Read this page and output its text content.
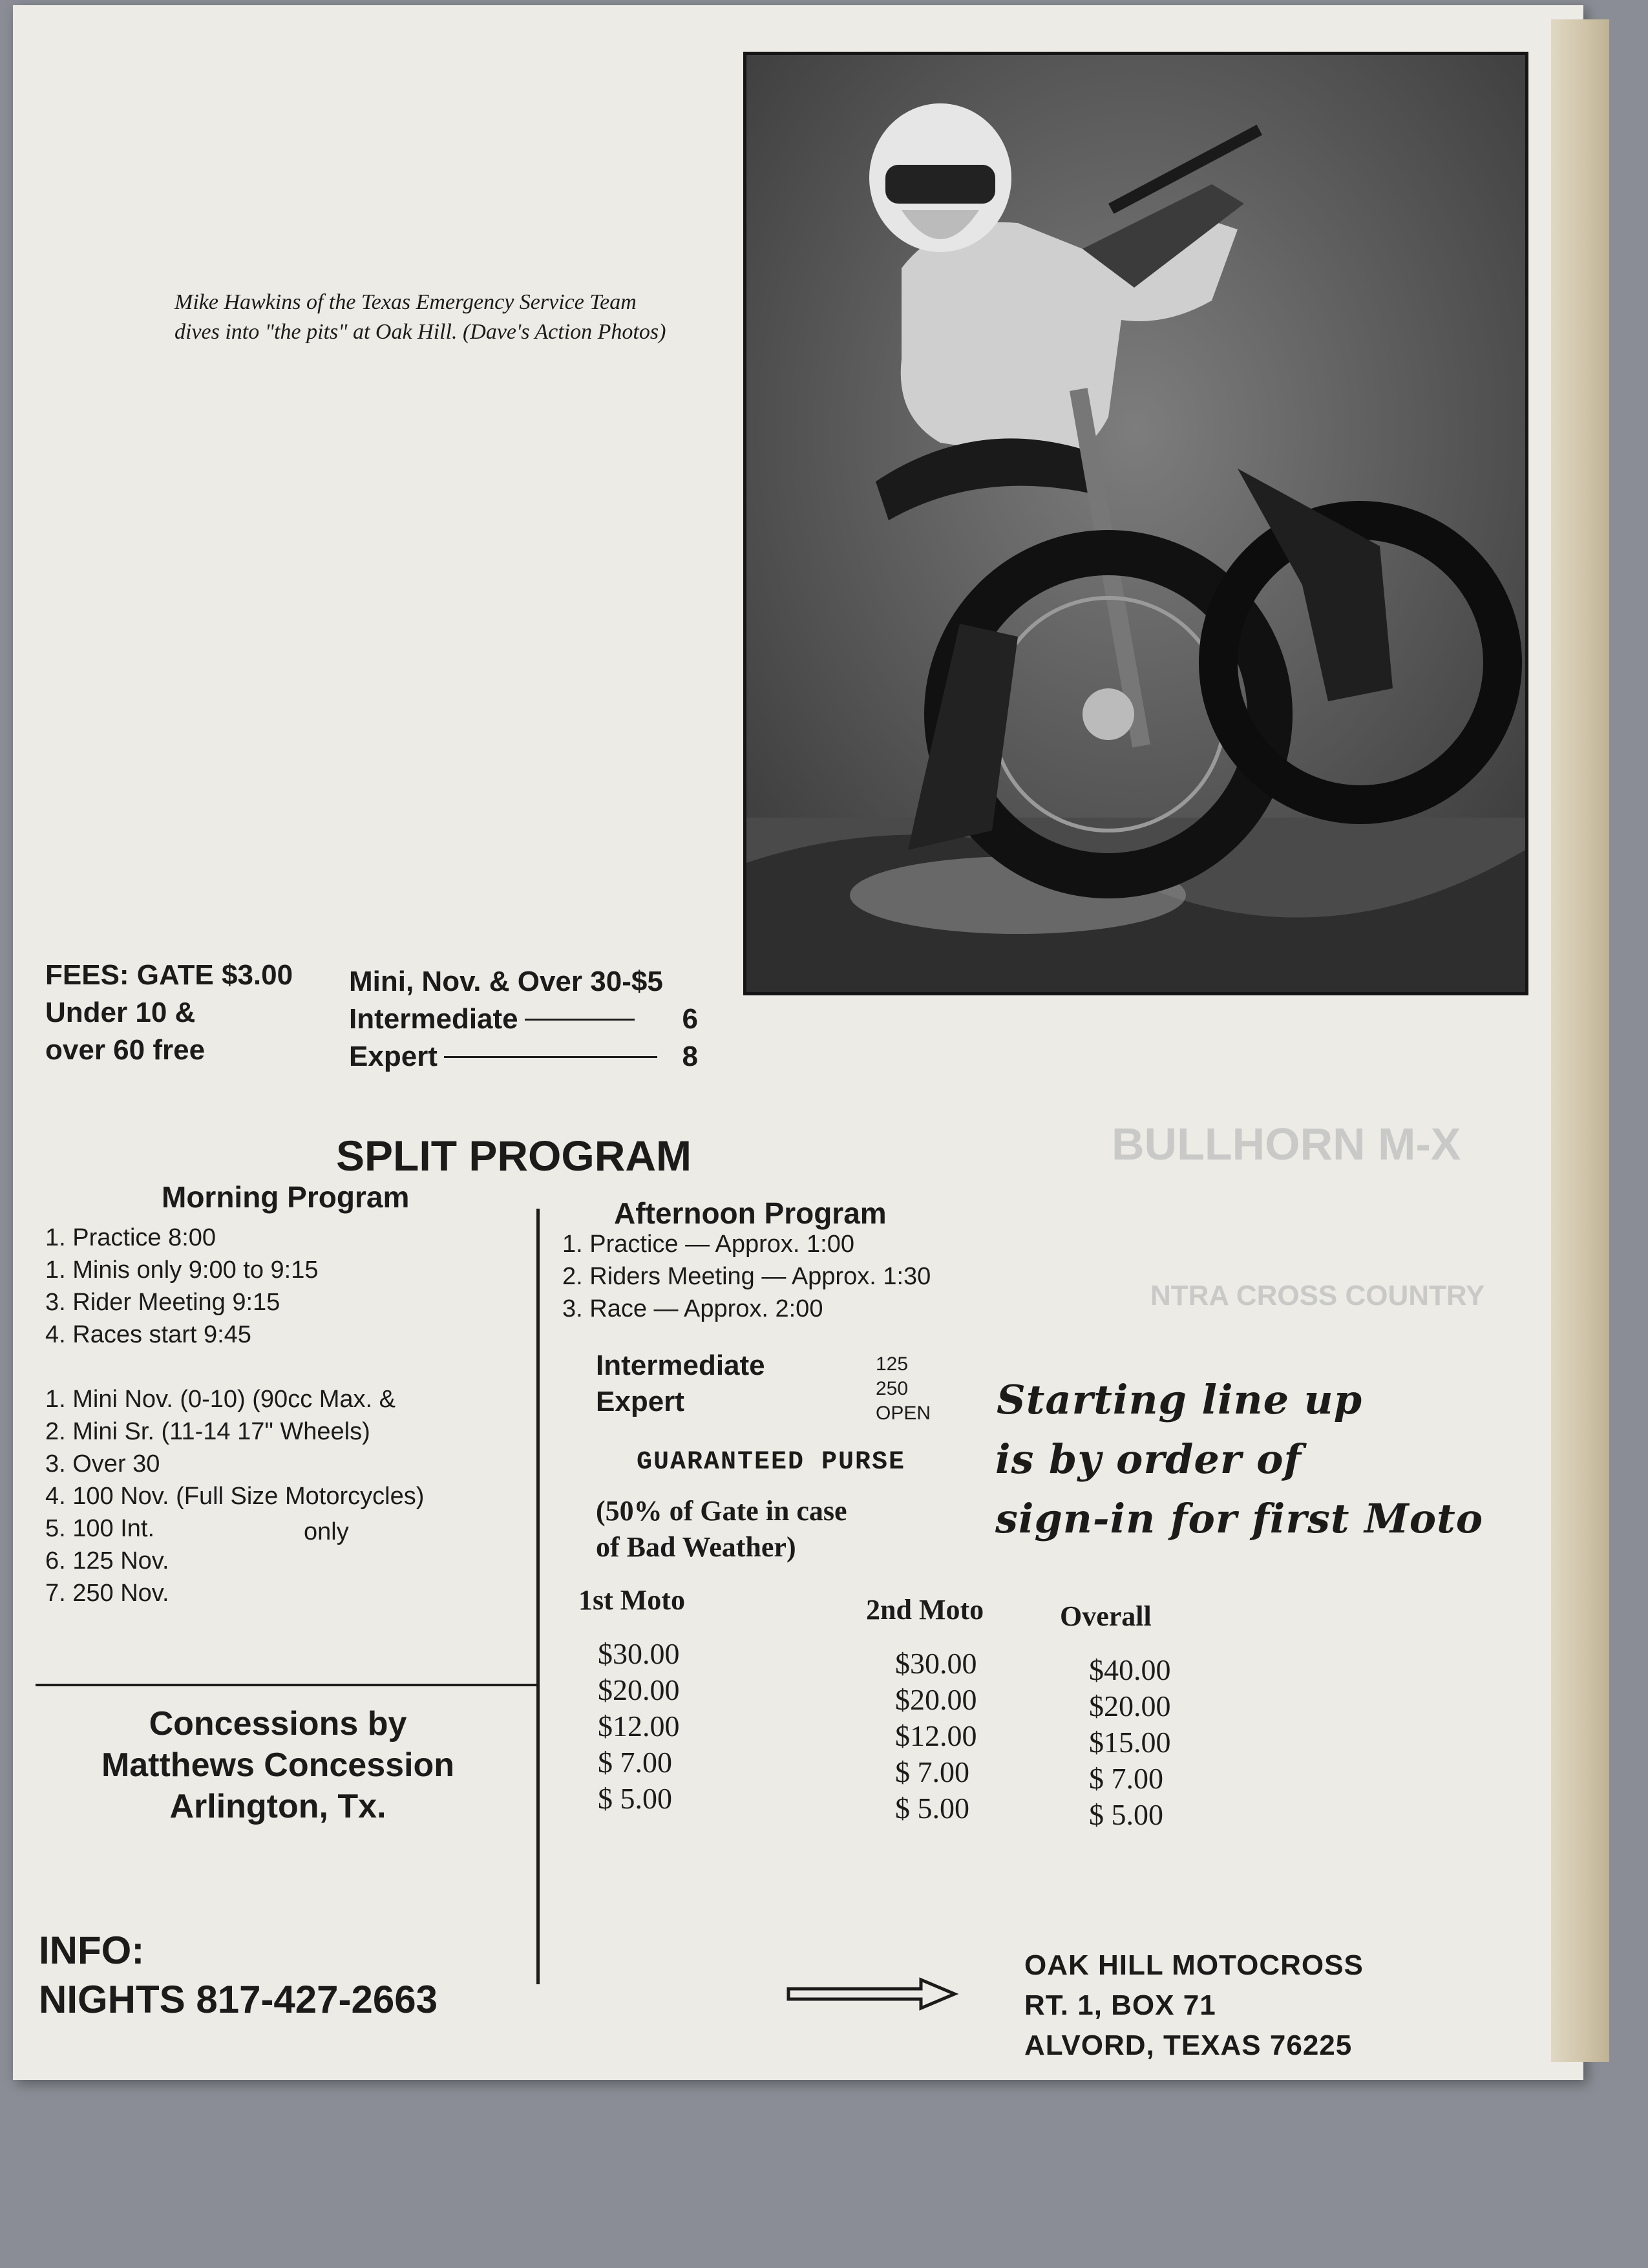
BULLHORN M-X
NTRA CROSS COUNTRY
Mike Hawkins of the Texas Emergency Service Team dives into "the pits" at Oak Hill. (Dave's Action Photos)
FEES: GATE $3.00
Under 10 &
over 60 free
Mini, Nov. & Over 30-$5
Intermediate	6
Expert	8
SPLIT PROGRAM
Morning Program
1. Practice 8:00
1. Minis only 9:00 to 9:15
3. Rider Meeting 9:15
4. Races start 9:45
1. Mini Nov. (0-10) (90cc Max. &
2. Mini Sr. (11-14 17" Wheels)
3. Over 30
4. 100 Nov. (Full Size Motorcycles)
5. 100 Int.
6. 125 Nov.
7. 250 Nov.
only
Afternoon Program
1. Practice — Approx. 1:00
2. Riders Meeting — Approx. 1:30
3. Race — Approx. 2:00
Intermediate
Expert
125
250
OPEN
GUARANTEED PURSE
(50% of Gate in case
of Bad Weather)
Starting line up
is by order of
sign-in for first Moto
1st Moto
$30.00
$20.00
$12.00
$ 7.00
$ 5.00
2nd Moto
$30.00
$20.00
$12.00
$ 7.00
$ 5.00
Overall
$40.00
$20.00
$15.00
$ 7.00
$ 5.00
Concessions by
Matthews Concession
Arlington, Tx.
INFO:
NIGHTS 817-427-2663
OAK HILL MOTOCROSS
RT. 1, BOX 71
ALVORD, TEXAS 76225
